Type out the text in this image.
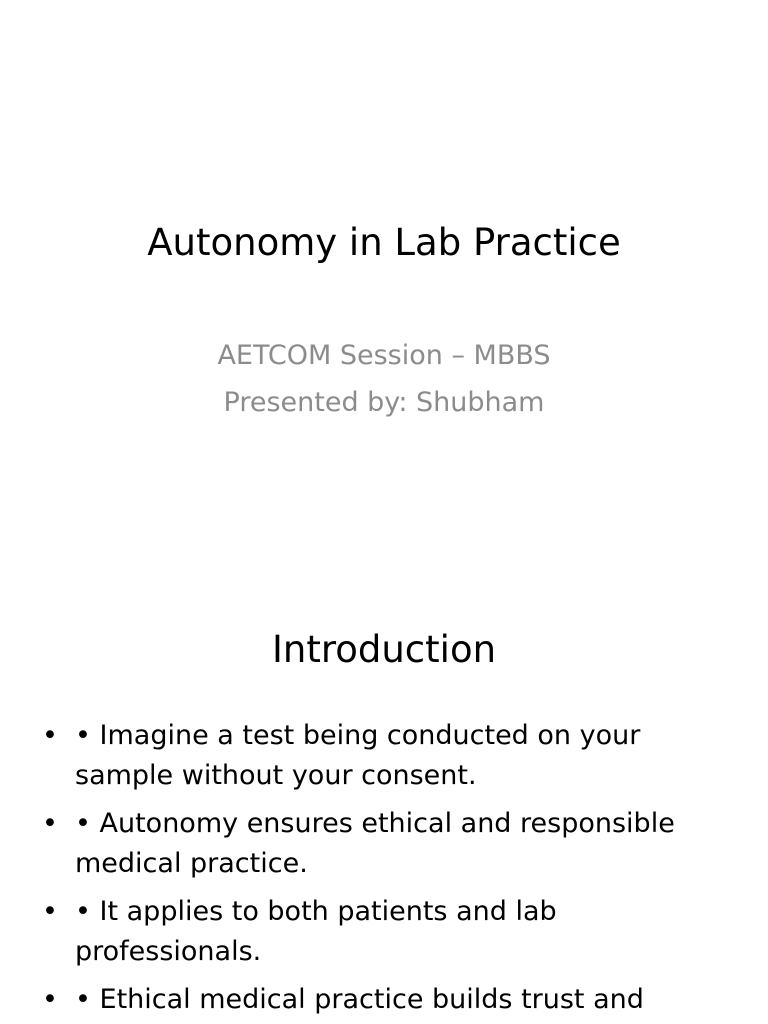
Autonomy in Lab Practice
AETCOM Session – MBBS
Presented by: Shubham
Introduction
• • Imagine a test being conducted on your sample without your consent.
• • Autonomy ensures ethical and responsible medical practice.
• • It applies to both patients and lab professionals.
• • Ethical medical practice builds trust and
